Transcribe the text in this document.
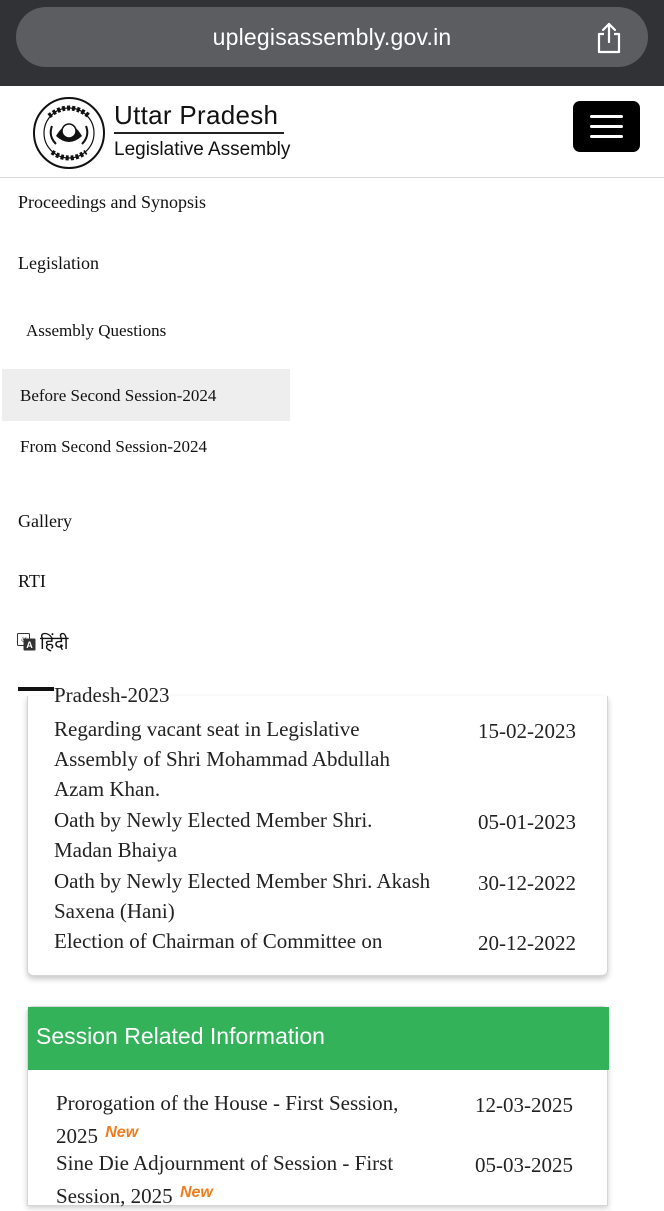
uplegisassembly.gov.in
Uttar Pradesh
Legislative Assembly
Proceedings and Synopsis
Legislation
Assembly Questions
Before Second Session-2024
From Second Session-2024
Gallery
RTI
A
अ हिंदी
Pradesh-2023
Regarding vacant seat in Legislative
Assembly of Shri Mohammad Abdullah
Azam Khan.
15-02-2023
Oath by Newly Elected Member Shri.
Madan Bhaiya
05-01-2023
Oath by Newly Elected Member Shri. Akash
Saxena (Hani)
30-12-2022
Election of Chairman of Committee on	20-12-2022
Session Related Information
Prorogation of the House - First Session,
2025 $^{New}$
12-03-2025
Sine Die Adjournment of Session - First
Session, 2025 $^{New}$
05-03-2025
